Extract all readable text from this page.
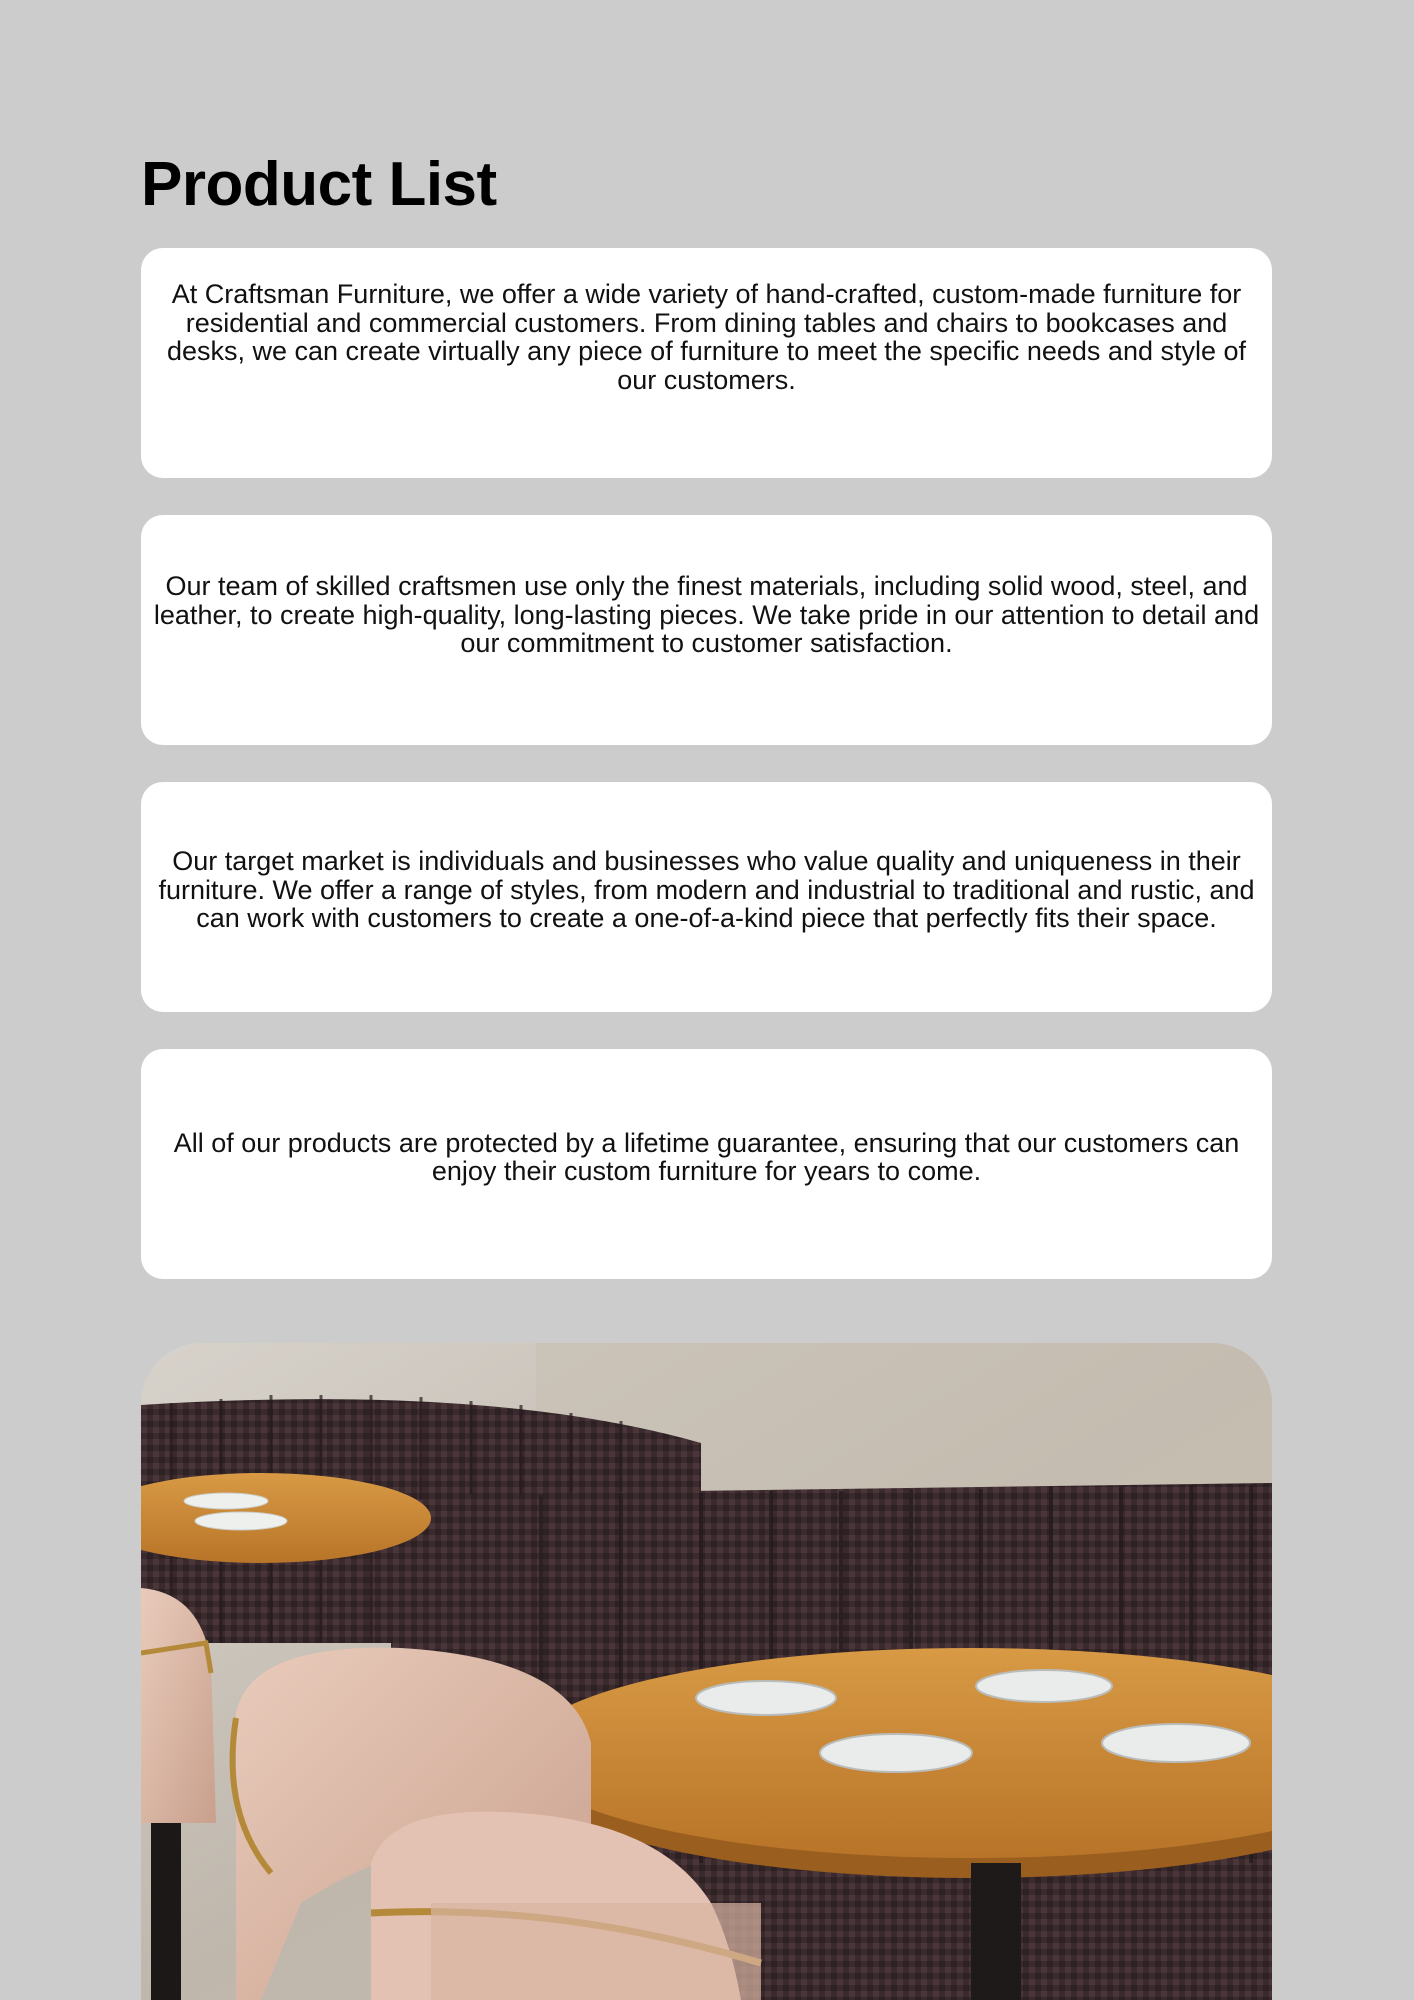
Product List

At Craftsman Furniture, we offer a wide variety of hand-crafted, custom-made furniture for residential and commercial customers. From dining tables and chairs to bookcases and desks, we can create virtually any piece of furniture to meet the specific needs and style of our customers.

Our team of skilled craftsmen use only the finest materials, including solid wood, steel, and leather, to create high-quality, long-lasting pieces. We take pride in our attention to detail and our commitment to customer satisfaction.

Our target market is individuals and businesses who value quality and uniqueness in their furniture. We offer a range of styles, from modern and industrial to traditional and rustic, and can work with customers to create a one-of-a-kind piece that perfectly fits their space.

All of our products are protected by a lifetime guarantee, ensuring that our customers can enjoy their custom furniture for years to come.
